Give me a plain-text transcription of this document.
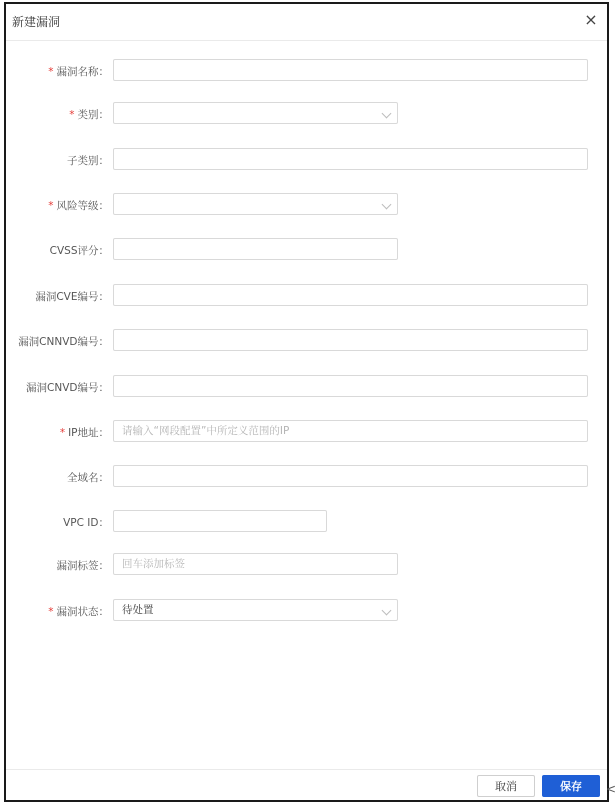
新建漏洞	×
* 漏洞名称：
* 类别：
子类别：
* 风险等级：
CVSS评分：
漏洞CVE编号：
漏洞CNNVD编号：
漏洞CNVD编号：
* IP地址：	请输入“网段配置”中所定义范围的IP
全域名：
VPC ID：
漏洞标签：	回车添加标签
* 漏洞状态：	待处置
取消	保存	<
